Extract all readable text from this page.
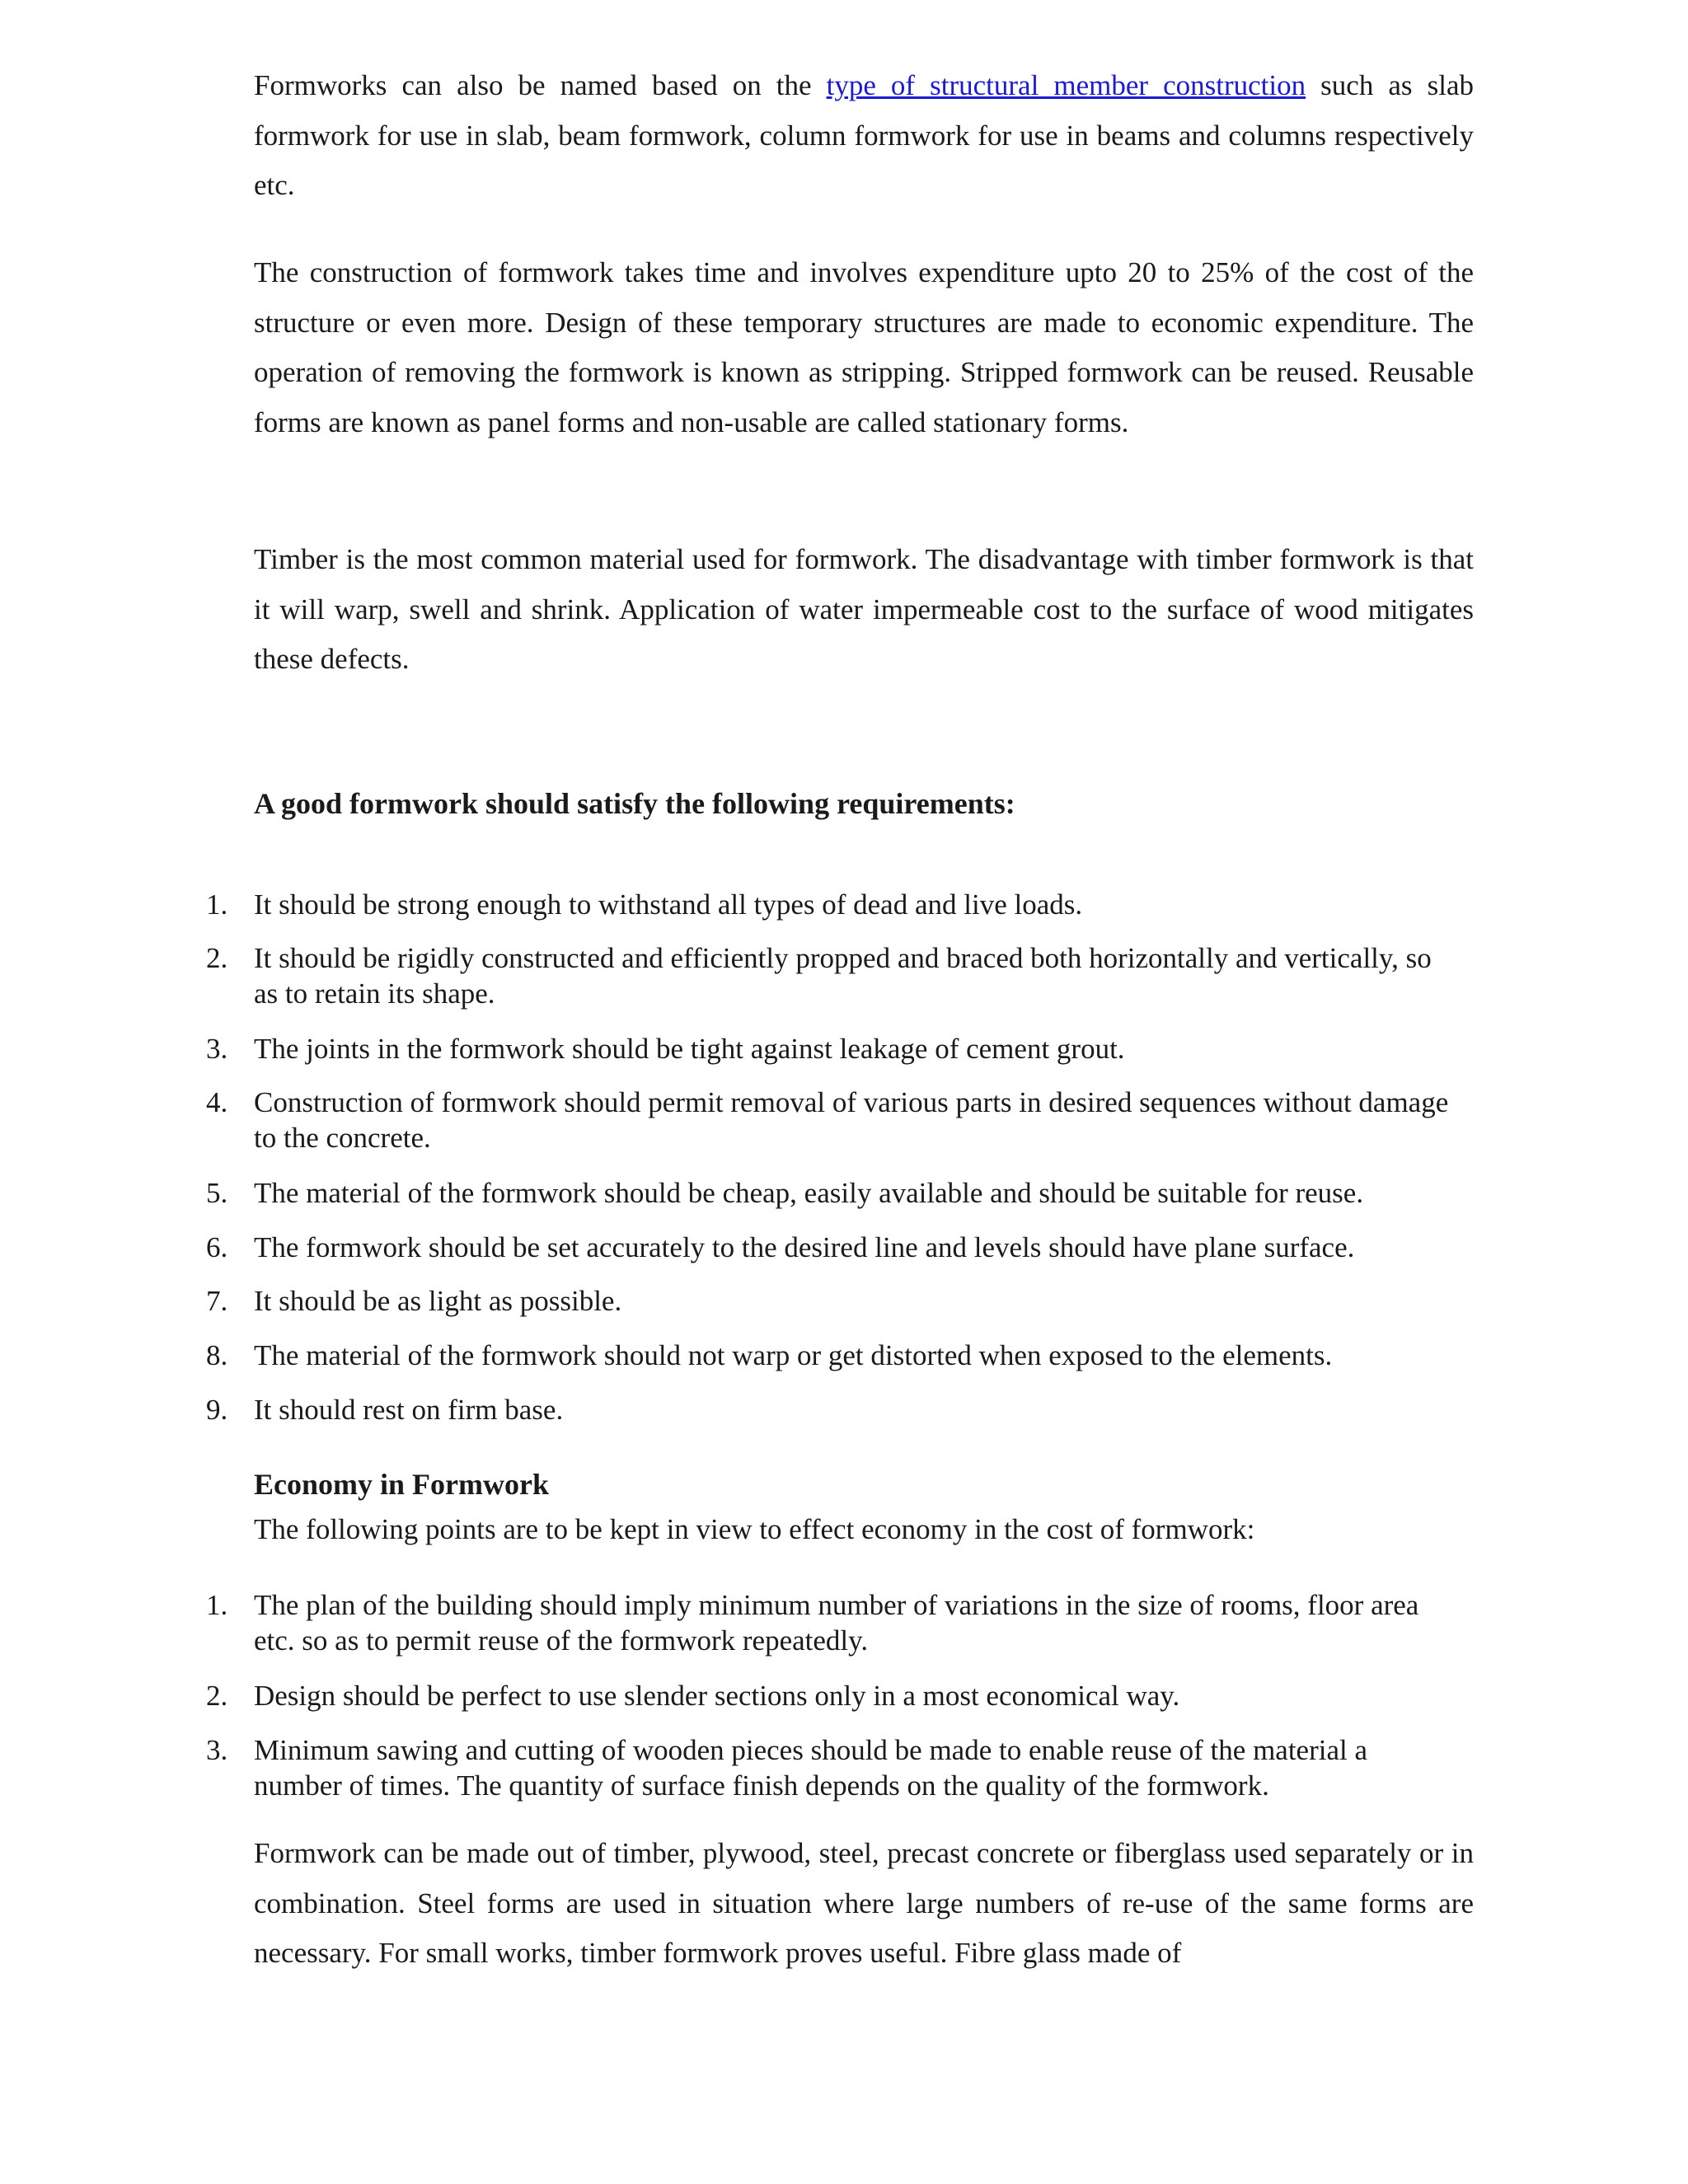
Formworks can also be named based on the type of structural member construction such as slab formwork for use in slab, beam formwork, column formwork for use in beams and columns respectively etc.

The construction of formwork takes time and involves expenditure upto 20 to 25% of the cost of the structure or even more. Design of these temporary structures are made to economic expenditure. The operation of removing the formwork is known as stripping. Stripped formwork can be reused. Reusable forms are known as panel forms and non-usable are called stationary forms.

Timber is the most common material used for formwork. The disadvantage with timber formwork is that it will warp, swell and shrink. Application of water impermeable cost to the surface of wood mitigates these defects.

A good formwork should satisfy the following requirements:
1. It should be strong enough to withstand all types of dead and live loads.
2. It should be rigidly constructed and efficiently propped and braced both horizontally and vertically, so as to retain its shape.
3. The joints in the formwork should be tight against leakage of cement grout.
4. Construction of formwork should permit removal of various parts in desired sequences without damage to the concrete.
5. The material of the formwork should be cheap, easily available and should be suitable for reuse.
6. The formwork should be set accurately to the desired line and levels should have plane surface.
7. It should be as light as possible.
8. The material of the formwork should not warp or get distorted when exposed to the elements.
9. It should rest on firm base.
Economy in Formwork

The following points are to be kept in view to effect economy in the cost of formwork:

1. The plan of the building should imply minimum number of variations in the size of rooms, floor area etc. so as to permit reuse of the formwork repeatedly.
2. Design should be perfect to use slender sections only in a most economical way.
3. Minimum sawing and cutting of wooden pieces should be made to enable reuse of the material a number of times. The quantity of surface finish depends on the quality of the formwork.

Formwork can be made out of timber, plywood, steel, precast concrete or fiberglass used separately or in combination. Steel forms are used in situation where large numbers of re-use of the same forms are necessary. For small works, timber formwork proves useful. Fibre glass made of
